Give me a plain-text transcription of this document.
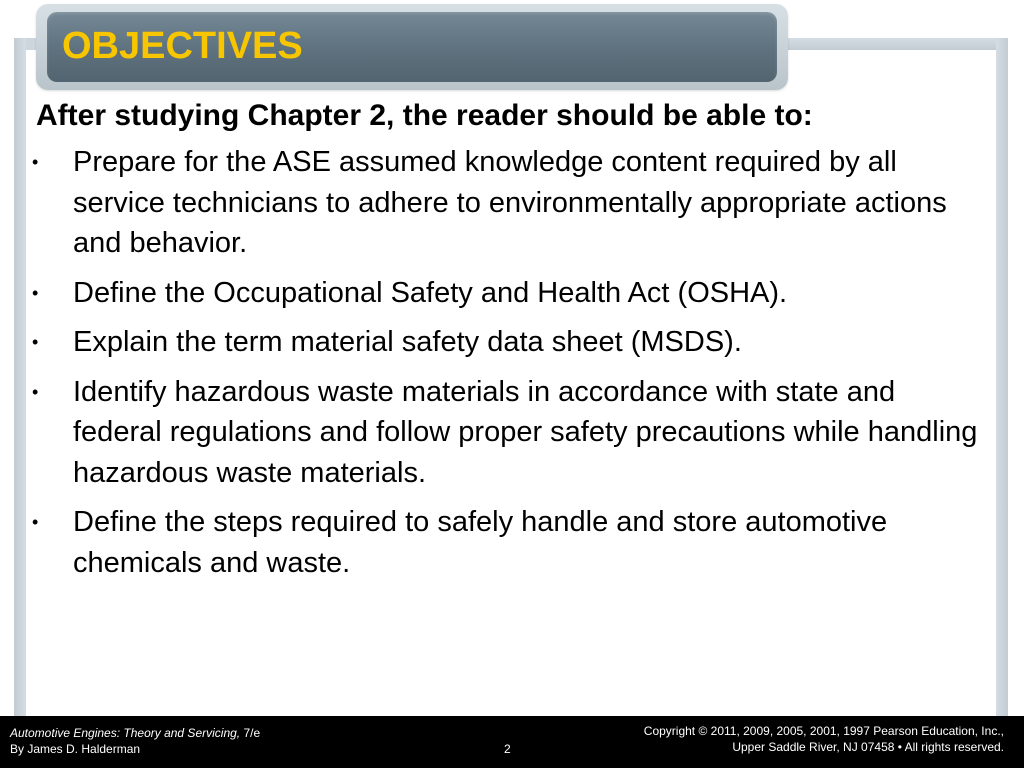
OBJECTIVES

After studying Chapter 2, the reader should be able to:

• Prepare for the ASE assumed knowledge content required by all service technicians to adhere to environmentally appropriate actions and behavior.
• Define the Occupational Safety and Health Act (OSHA).
• Explain the term material safety data sheet (MSDS).
• Identify hazardous waste materials in accordance with state and federal regulations and follow proper safety precautions while handling hazardous waste materials.
• Define the steps required to safely handle and store automotive chemicals and waste.
Automotive Engines: Theory and Servicing, 7/e
By James D. Halderman	2
Copyright © 2011, 2009, 2005, 2001, 1997 Pearson Education, Inc.,
Upper Saddle River, NJ 07458 • All rights reserved.
